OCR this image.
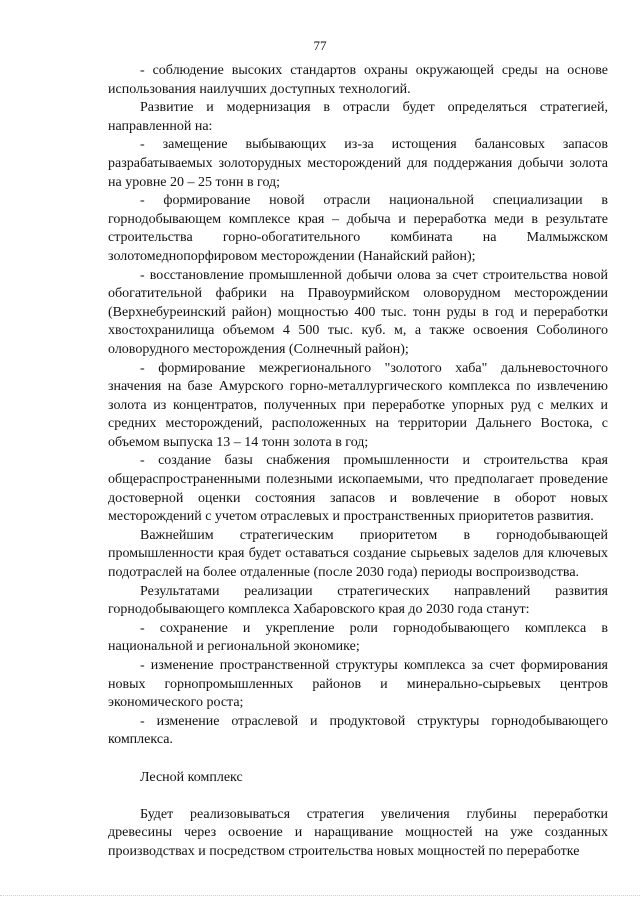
77

- соблюдение высоких стандартов охраны окружающей среды на основе использования наилучших доступных технологий.

Развитие и модернизация в отрасли будет определяться стратегией, направленной на:

- замещение выбывающих из-за истощения балансовых запасов разрабатываемых золоторудных месторождений для поддержания добычи золота на уровне 20 – 25 тонн в год;

- формирование новой отрасли национальной специализации в горнодобывающем комплексе края – добыча и переработка меди в результате строительства горно-обогатительного комбината на Малмыжском золотомеднопорфировом месторождении (Нанайский район);

- восстановление промышленной добычи олова за счет строительства новой обогатительной фабрики на Правоурмийском оловорудном месторождении (Верхнебуреинский район) мощностью 400 тыс. тонн руды в год и переработки хвостохранилища объемом 4 500 тыс. куб. м, а также освоения Соболиного оловорудного месторождения (Солнечный район);

- формирование межрегионального "золотого хаба" дальневосточного значения на базе Амурского горно-металлургического комплекса по извлечению золота из концентратов, полученных при переработке упорных руд с мелких и средних месторождений, расположенных на территории Дальнего Востока, с объемом выпуска 13 – 14 тонн золота в год;

- создание базы снабжения промышленности и строительства края общераспространенными полезными ископаемыми, что предполагает проведение достоверной оценки состояния запасов и вовлечение в оборот новых месторождений с учетом отраслевых и пространственных приоритетов развития.

Важнейшим стратегическим приоритетом в горнодобывающей промышленности края будет оставаться создание сырьевых заделов для ключевых подотраслей на более отдаленные (после 2030 года) периоды воспроизводства.

Результатами реализации стратегических направлений развития горнодобывающего комплекса Хабаровского края до 2030 года станут:

- сохранение и укрепление роли горнодобывающего комплекса в национальной и региональной экономике;

- изменение пространственной структуры комплекса за счет формирования новых горнопромышленных районов и минерально-сырьевых центров экономического роста;

- изменение отраслевой и продуктовой структуры горнодобывающего комплекса.

Лесной комплекс

Будет реализовываться стратегия увеличения глубины переработки древесины через освоение и наращивание мощностей на уже созданных производствах и посредством строительства новых мощностей по переработке
